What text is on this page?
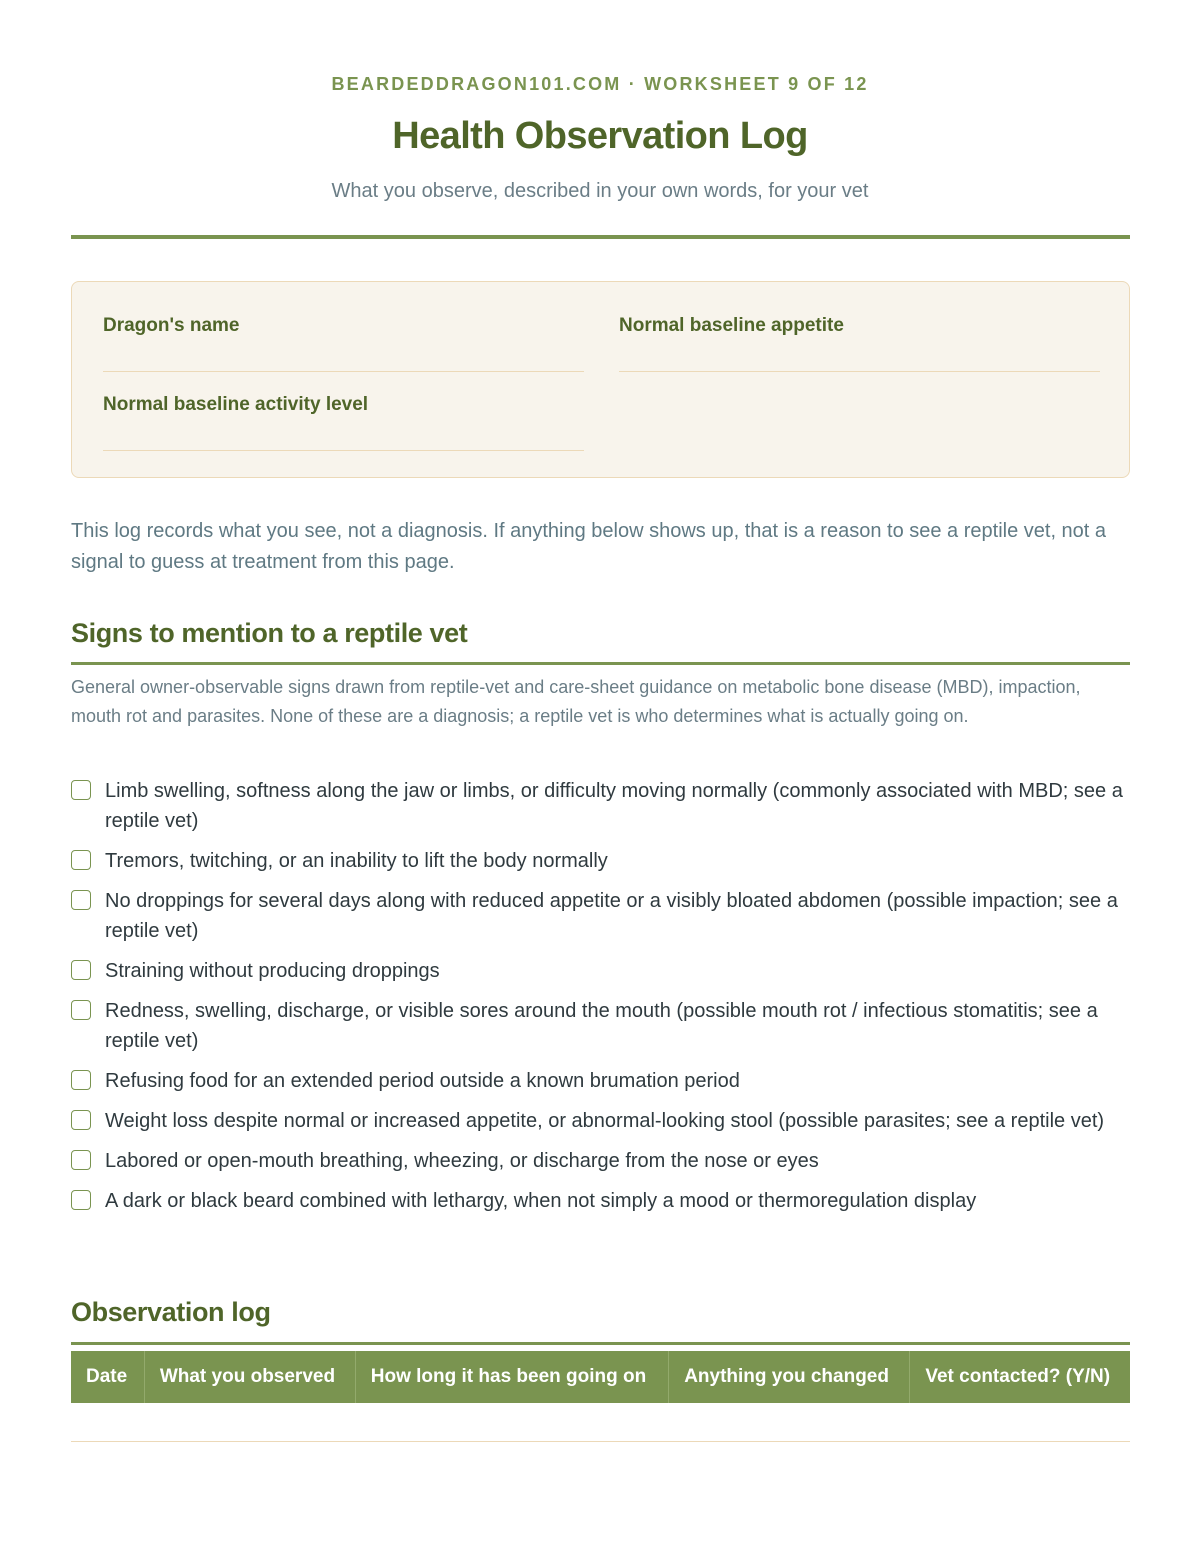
BEARDEDDRAGON101.COM · WORKSHEET 9 OF 12
Health Observation Log
What you observe, described in your own words, for your vet
Dragon's name	Normal baseline appetite
Normal baseline activity level

This log records what you see, not a diagnosis. If anything below shows up, that is a reason to see a reptile vet, not a signal to guess at treatment from this page.

Signs to mention to a reptile vet

General owner-observable signs drawn from reptile-vet and care-sheet guidance on metabolic bone disease (MBD), impaction, mouth rot and parasites. None of these are a diagnosis; a reptile vet is who determines what is actually going on.

Limb swelling, softness along the jaw or limbs, or difficulty moving normally (commonly associated with MBD; see a reptile vet)
Tremors, twitching, or an inability to lift the body normally
No droppings for several days along with reduced appetite or a visibly bloated abdomen (possible impaction; see a reptile vet)
Straining without producing droppings
Redness, swelling, discharge, or visible sores around the mouth (possible mouth rot / infectious stomatitis; see a reptile vet)
Refusing food for an extended period outside a known brumation period
Weight loss despite normal or increased appetite, or abnormal-looking stool (possible parasites; see a reptile vet)
Labored or open-mouth breathing, wheezing, or discharge from the nose or eyes
A dark or black beard combined with lethargy, when not simply a mood or thermoregulation display
Observation log
Date	What you observed	How long it has been going on	Anything you changed	Vet contacted? (Y/N)
